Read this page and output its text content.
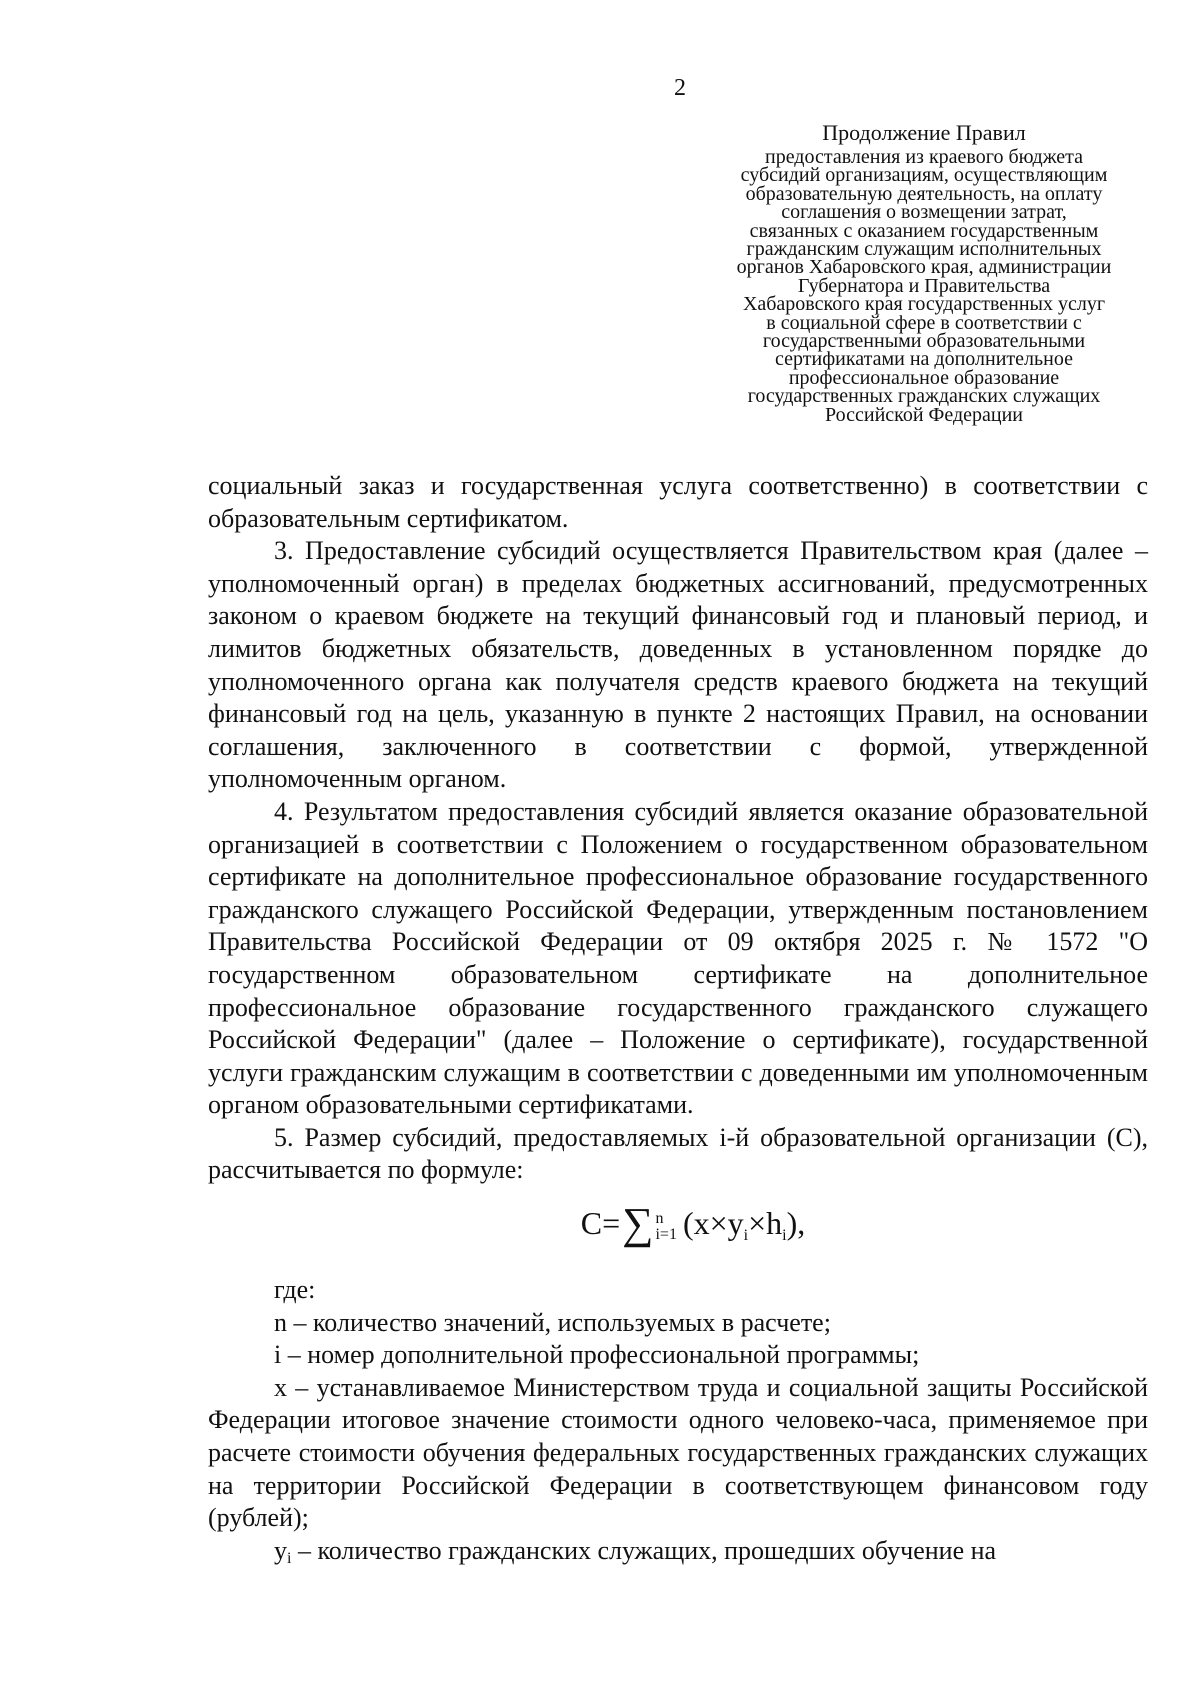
2

Продолжение Правил

предоставления из краевого бюджета

субсидий организациям, осуществляющим

образовательную деятельность, на оплату

соглашения о возмещении затрат,

связанных с оказанием государственным

гражданским служащим исполнительных

органов Хабаровского края, администрации

Губернатора и Правительства

Хабаровского края государственных услуг

в социальной сфере в соответствии с

государственными образовательными

сертификатами на дополнительное

профессиональное образование

государственных гражданских служащих

Российской Федерации

социальный заказ и государственная услуга соответственно) в соответствии с образовательным сертификатом.

3. Предоставление субсидий осуществляется Правительством края (далее – уполномоченный орган) в пределах бюджетных ассигнований, предусмотренных законом о краевом бюджете на текущий финансовый год и плановый период, и лимитов бюджетных обязательств, доведенных в установленном порядке до уполномоченного органа как получателя средств краевого бюджета на текущий финансовый год на цель, указанную в пункте 2 настоящих Правил, на основании соглашения, заключенного в соответствии с формой, утвержденной уполномоченным органом.

4. Результатом предоставления субсидий является оказание образовательной организацией в соответствии с Положением о государственном образовательном сертификате на дополнительное профессиональное образование государственного гражданского служащего Российской Федерации, утвержденным постановлением Правительства Российской Федерации от 09 октября 2025 г. № 1572 "О государственном образовательном сертификате на дополнительное профессиональное образование государственного гражданского служащего Российской Федерации" (далее – Положение о сертификате), государственной услуги гражданским служащим в соответствии с доведенными им уполномоченным органом образовательными сертификатами.

5. Размер субсидий, предоставляемых i-й образовательной организации (С), рассчитывается по формуле:

С=∑ n
i=1 $(x\times y_i\times h_i)$,

где:

n – количество значений, используемых в расчете;

i – номер дополнительной профессиональной программы;

x – устанавливаемое Министерством труда и социальной защиты Российской Федерации итоговое значение стоимости одного человеко-часа, применяемое при расчете стоимости обучения федеральных государственных гражданских служащих на территории Российской Федерации в соответствующем финансовом году (рублей);

$y_i$ – количество гражданских служащих, прошедших обучение на
